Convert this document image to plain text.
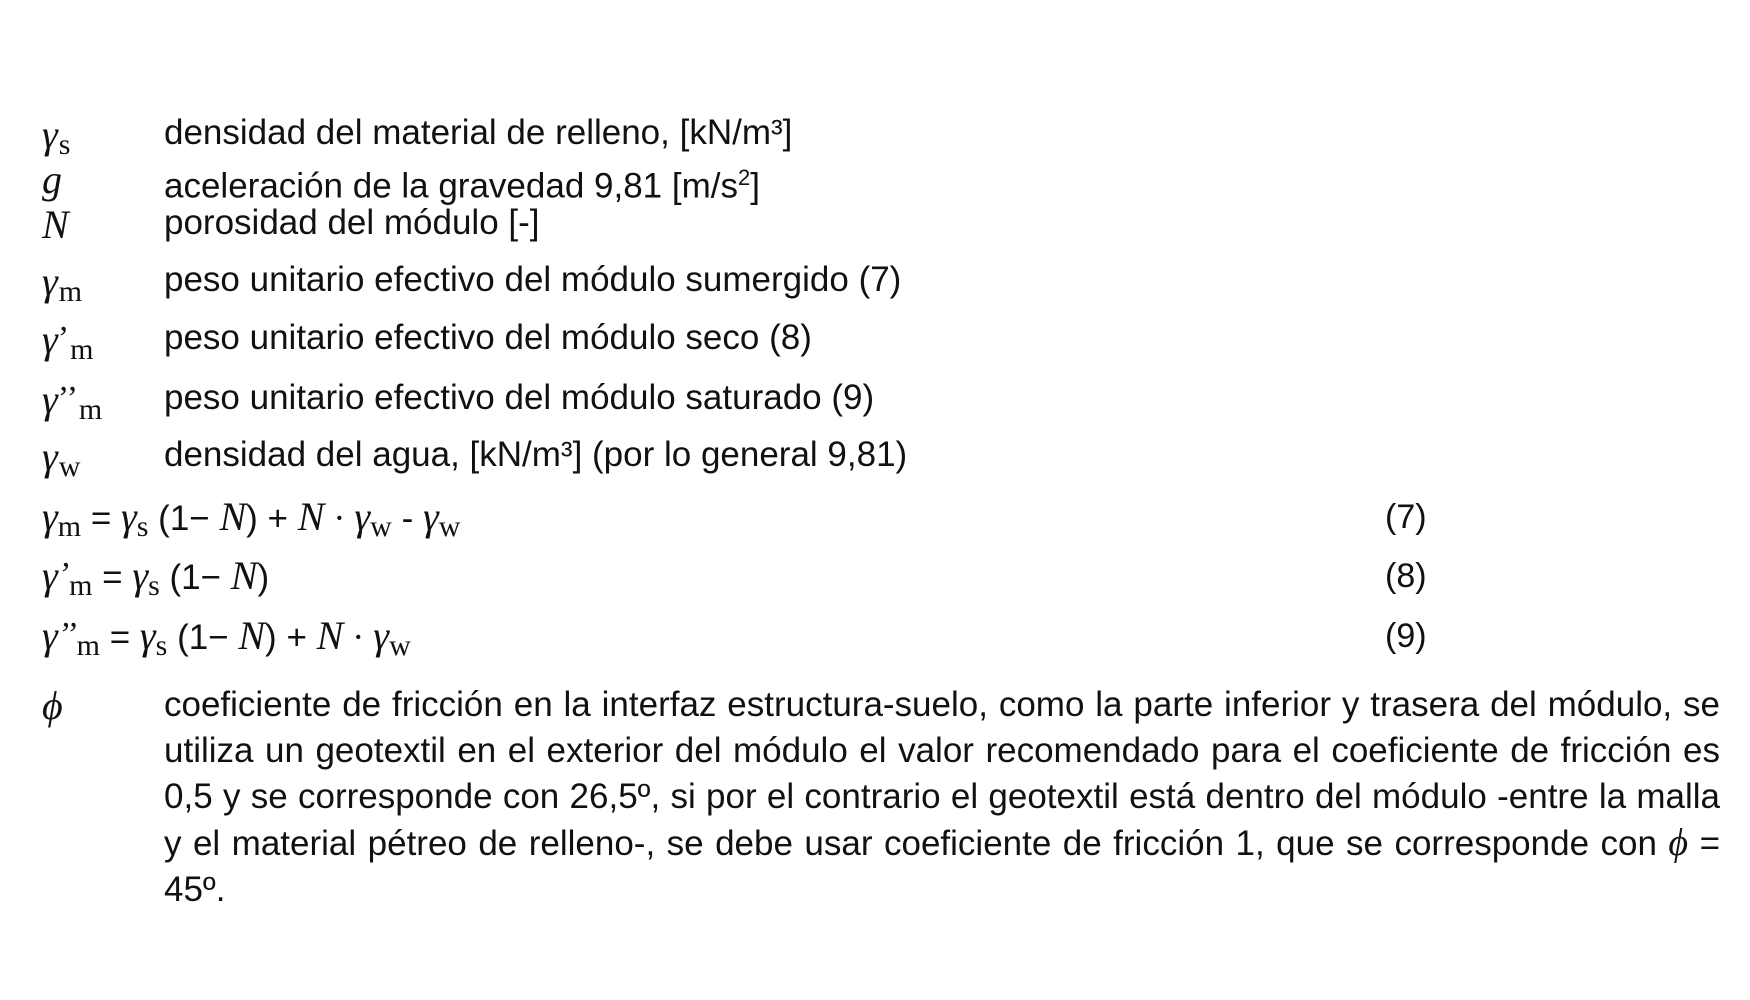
γs	densidad del material de relleno, [kN/m³]
g	aceleración de la gravedad 9,81 $[m/s^2]$
N	porosidad del módulo [-]
γm peso unitario efectivo del módulo sumergido (7)
γ’m peso unitario efectivo del módulo seco (8)
γ’’m peso unitario efectivo del módulo saturado (9)
γw densidad del agua, [kN/m³] (por lo general 9,81)
γm = γs (1− N) + N · γw - γw	(7)
γ’m = γs (1− N)	(8)
γ’’m = γs (1− N) + N · γw	(9)
ϕ	coeficiente de fricción en la interfaz estructura-suelo, como la parte inferior y trasera del módulo, se utiliza un geotextil en el exterior del módulo el valor recomendado para el coeficiente de fricción es 0,5 y se corresponde con 26,5º, si por el contrario el geotextil está dentro del módulo -entre la malla y el material pétreo de relleno-, se debe usar coeficiente de fricción 1, que se corresponde con ϕ = 45º.
